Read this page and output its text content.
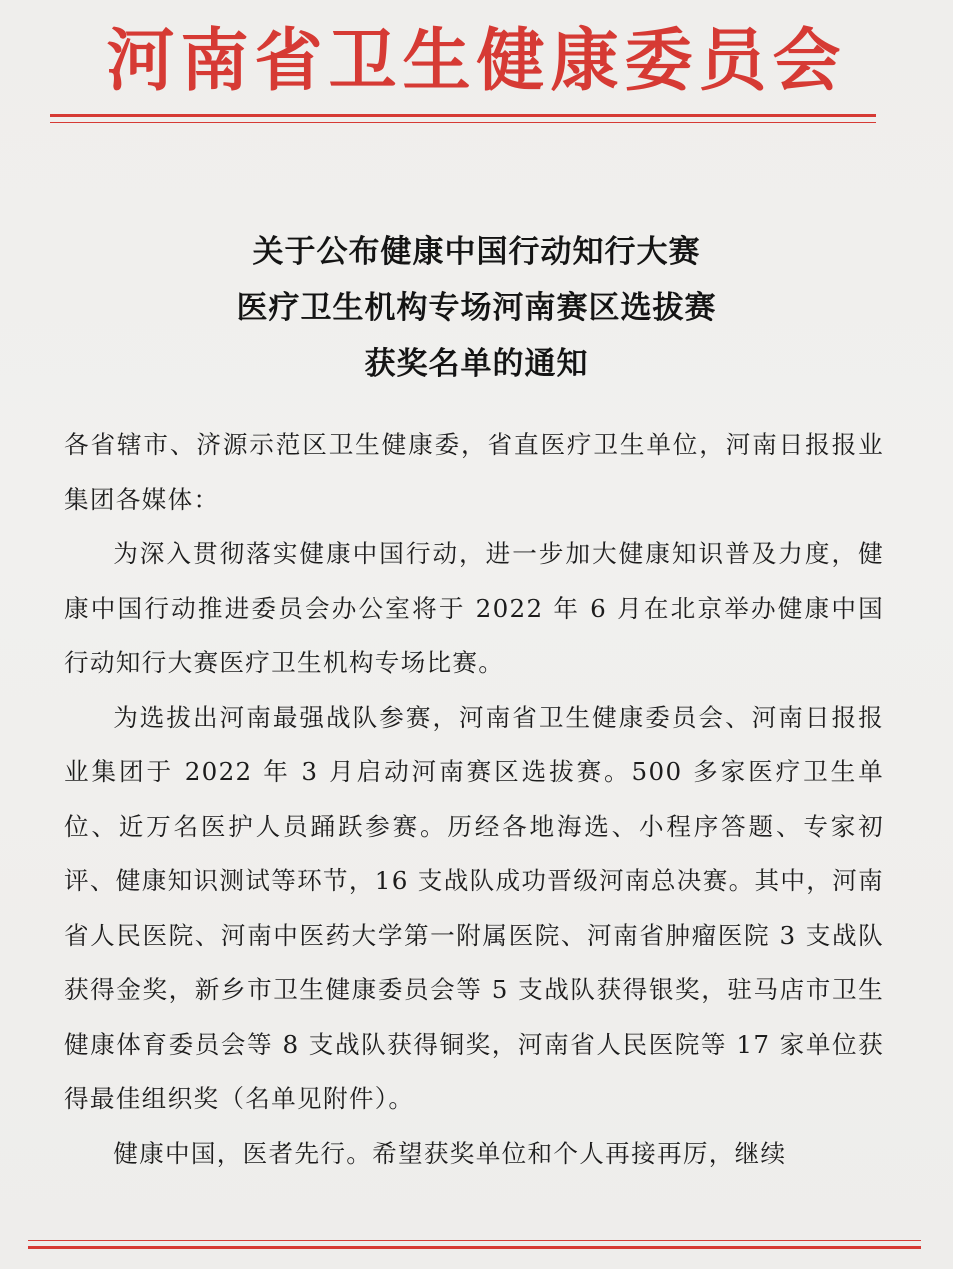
河南省卫生健康委员会
关于公布健康中国行动知行大赛
医疗卫生机构专场河南赛区选拔赛
获奖名单的通知

各省辖市、济源示范区卫生健康委，省直医疗卫生单位，河南日报报业集团各媒体：

为深入贯彻落实健康中国行动，进一步加大健康知识普及力度，健康中国行动推进委员会办公室将于 2022 年 6 月在北京举办健康中国行动知行大赛医疗卫生机构专场比赛。

为选拔出河南最强战队参赛，河南省卫生健康委员会、河南日报报业集团于 2022 年 3 月启动河南赛区选拔赛。500 多家医疗卫生单位、近万名医护人员踊跃参赛。历经各地海选、小程序答题、专家初评、健康知识测试等环节，16 支战队成功晋级河南总决赛。其中，河南省人民医院、河南中医药大学第一附属医院、河南省肿瘤医院 3 支战队获得金奖，新乡市卫生健康委员会等 5 支战队获得银奖，驻马店市卫生健康体育委员会等 8 支战队获得铜奖，河南省人民医院等 17 家单位获得最佳组织奖（名单见附件）。

健康中国，医者先行。希望获奖单位和个人再接再厉，继续
